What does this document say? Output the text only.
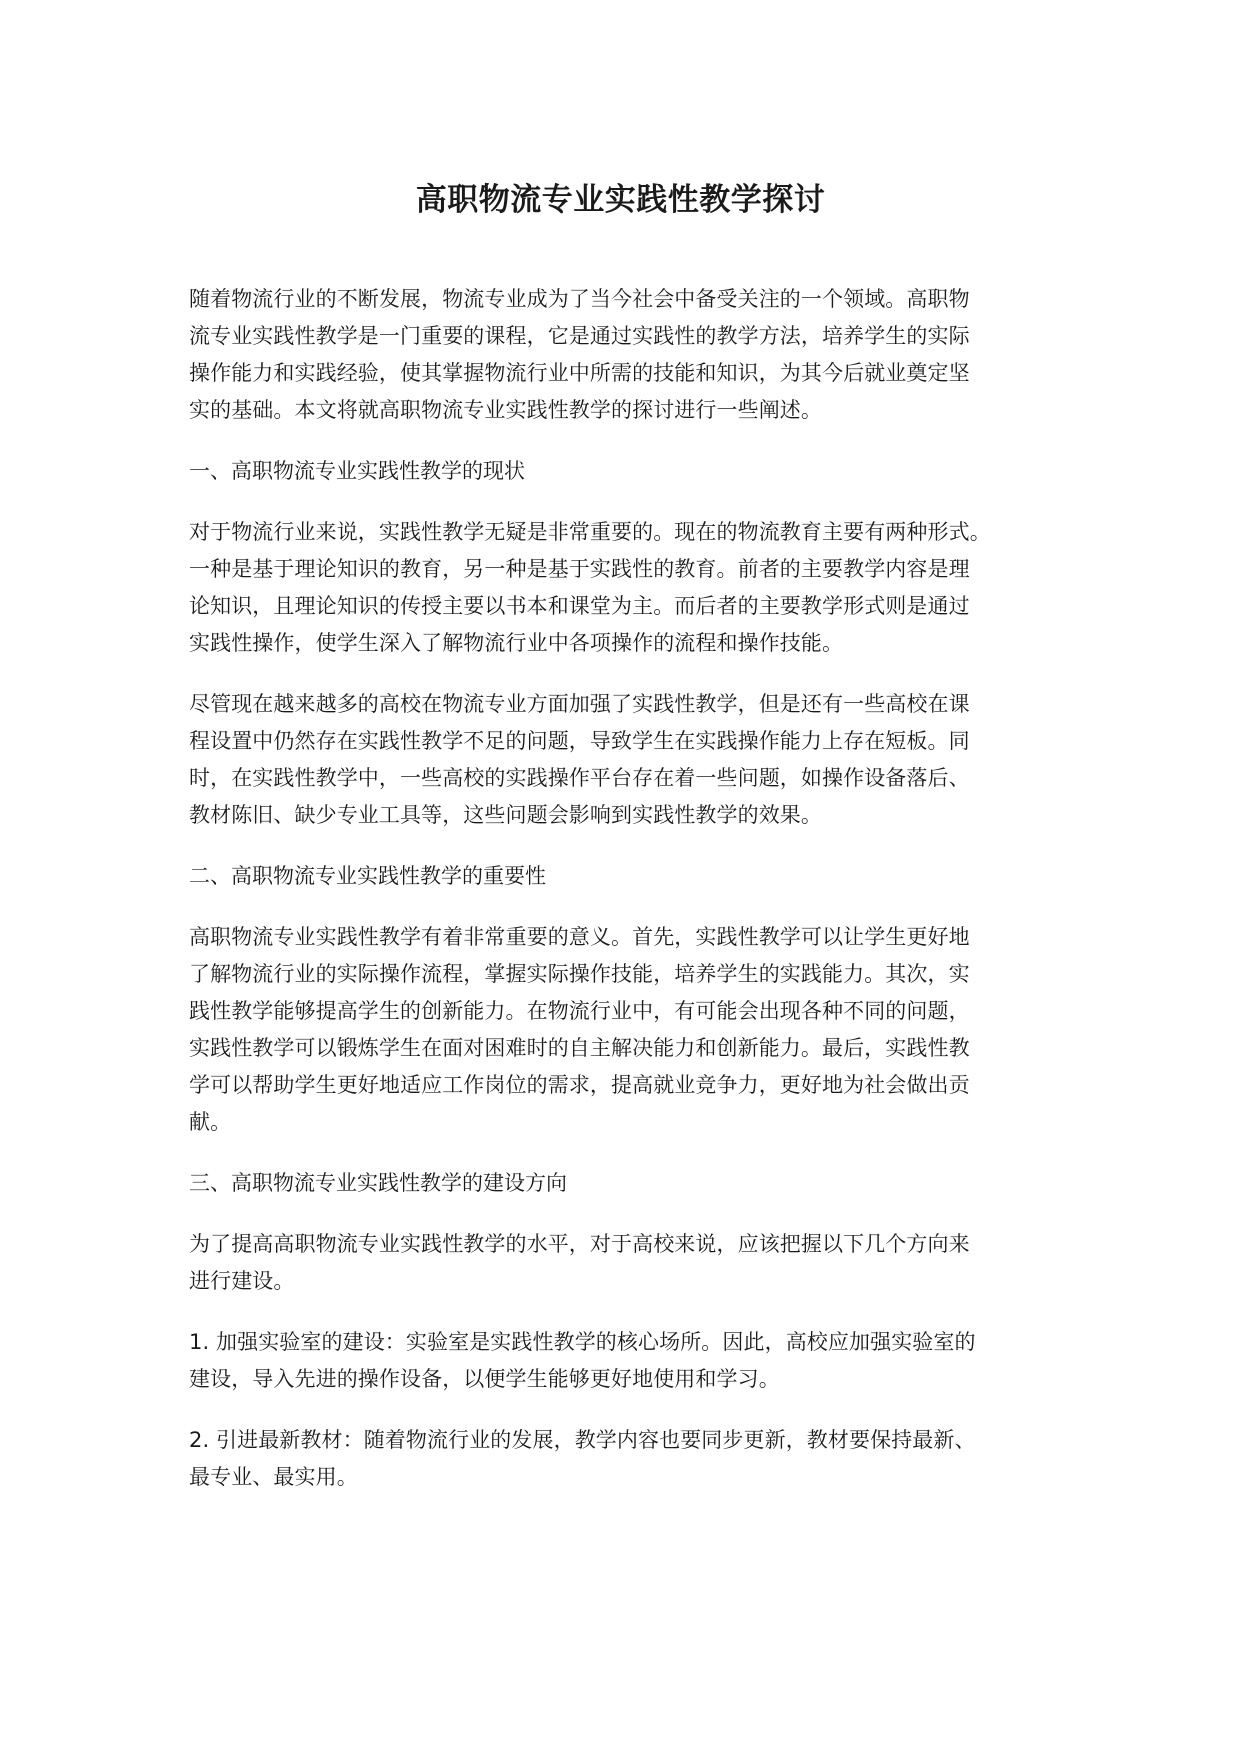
高职物流专业实践性教学探讨

随着物流行业的不断发展，物流专业成为了当今社会中备受关注的一个领域。高职物
流专业实践性教学是一门重要的课程，它是通过实践性的教学方法，培养学生的实际
操作能力和实践经验，使其掌握物流行业中所需的技能和知识，为其今后就业奠定坚
实的基础。本文将就高职物流专业实践性教学的探讨进行一些阐述。

一、高职物流专业实践性教学的现状

对于物流行业来说，实践性教学无疑是非常重要的。现在的物流教育主要有两种形式。
一种是基于理论知识的教育，另一种是基于实践性的教育。前者的主要教学内容是理
论知识，且理论知识的传授主要以书本和课堂为主。而后者的主要教学形式则是通过
实践性操作，使学生深入了解物流行业中各项操作的流程和操作技能。

尽管现在越来越多的高校在物流专业方面加强了实践性教学，但是还有一些高校在课
程设置中仍然存在实践性教学不足的问题，导致学生在实践操作能力上存在短板。同
时，在实践性教学中，一些高校的实践操作平台存在着一些问题，如操作设备落后、
教材陈旧、缺少专业工具等，这些问题会影响到实践性教学的效果。

二、高职物流专业实践性教学的重要性

高职物流专业实践性教学有着非常重要的意义。首先，实践性教学可以让学生更好地
了解物流行业的实际操作流程，掌握实际操作技能，培养学生的实践能力。其次，实
践性教学能够提高学生的创新能力。在物流行业中，有可能会出现各种不同的问题，
实践性教学可以锻炼学生在面对困难时的自主解决能力和创新能力。最后，实践性教
学可以帮助学生更好地适应工作岗位的需求，提高就业竞争力，更好地为社会做出贡
献。

三、高职物流专业实践性教学的建设方向

为了提高高职物流专业实践性教学的水平，对于高校来说，应该把握以下几个方向来
进行建设。

1. 加强实验室的建设：实验室是实践性教学的核心场所。因此，高校应加强实验室的
建设，导入先进的操作设备，以便学生能够更好地使用和学习。

2. 引进最新教材：随着物流行业的发展，教学内容也要同步更新，教材要保持最新、
最专业、最实用。
